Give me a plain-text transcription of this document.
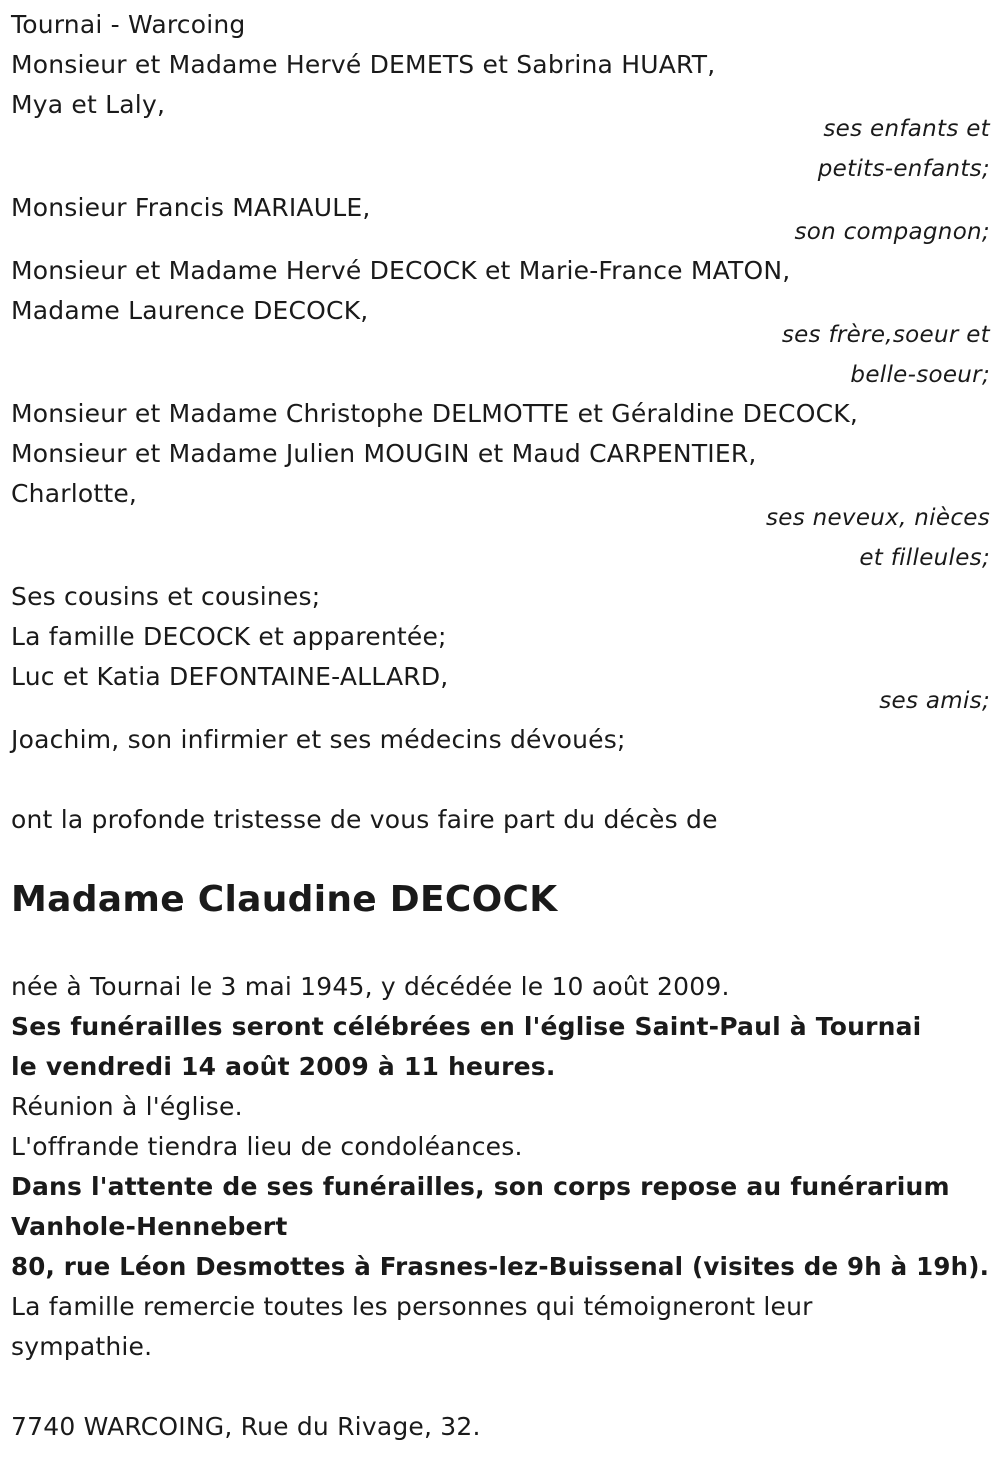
Tournai - Warcoing
Monsieur et Madame Hervé DEMETS et Sabrina HUART,
Mya et Laly,
ses enfants et
petits-enfants;
Monsieur Francis MARIAULE,
son compagnon;
Monsieur et Madame Hervé DECOCK et Marie-France MATON,
Madame Laurence DECOCK,
ses frère,soeur et
belle-soeur;
Monsieur et Madame Christophe DELMOTTE et Géraldine DECOCK,
Monsieur et Madame Julien MOUGIN et Maud CARPENTIER,
Charlotte,
ses neveux, nièces
et filleules;
Ses cousins et cousines;
La famille DECOCK et apparentée;
Luc et Katia DEFONTAINE-ALLARD,
ses amis;
Joachim, son infirmier et ses médecins dévoués;
ont la profonde tristesse de vous faire part du décès de
Madame Claudine DECOCK
née à Tournai le 3 mai 1945, y décédée le 10 août 2009.
Ses funérailles seront célébrées en l'église Saint-Paul à Tournai
le vendredi 14 août 2009 à 11 heures.
Réunion à l'église.
L'offrande tiendra lieu de condoléances.
Dans l'attente de ses funérailles, son corps repose au funérarium
Vanhole-Hennebert
80, rue Léon Desmottes à Frasnes-lez-Buissenal (visites de 9h à 19h).
La famille remercie toutes les personnes qui témoigneront leur
sympathie.
7740 WARCOING, Rue du Rivage, 32.
